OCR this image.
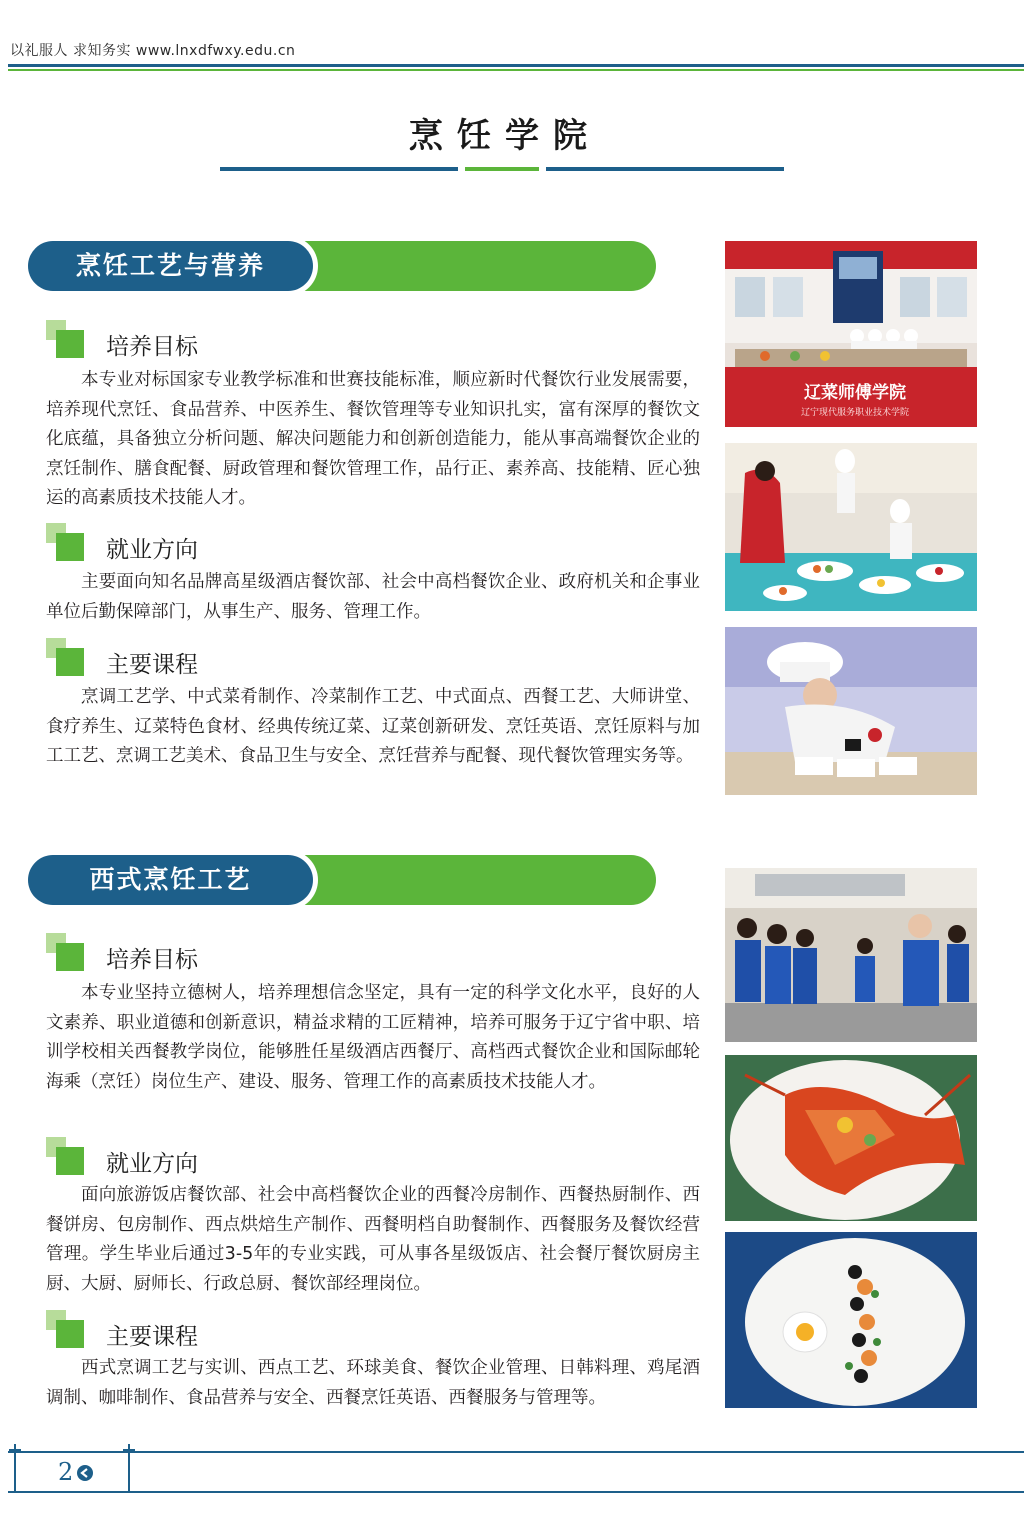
以礼服人 求知务实 www.lnxdfwxy.edu.cn
烹饪学院
烹饪工艺与营养
培养目标
本专业对标国家专业教学标准和世赛技能标准，顺应新时代餐饮行业发展需要，培养现代烹饪、食品营养、中医养生、餐饮管理等专业知识扎实，富有深厚的餐饮文化底蕴，具备独立分析问题、解决问题能力和创新创造能力，能从事高端餐饮企业的烹饪制作、膳食配餐、厨政管理和餐饮管理工作，品行正、素养高、技能精、匠心独运的高素质技术技能人才。
就业方向
主要面向知名品牌高星级酒店餐饮部、社会中高档餐饮企业、政府机关和企事业单位后勤保障部门，从事生产、服务、管理工作。
主要课程
烹调工艺学、中式菜肴制作、冷菜制作工艺、中式面点、西餐工艺、大师讲堂、食疗养生、辽菜特色食材、经典传统辽菜、辽菜创新研发、烹饪英语、烹饪原料与加工工艺、烹调工艺美术、食品卫生与安全、烹饪营养与配餐、现代餐饮管理实务等。
辽菜师傅学院
辽宁现代服务职业技术学院
西式烹饪工艺
培养目标
本专业坚持立德树人，培养理想信念坚定，具有一定的科学文化水平，良好的人文素养、职业道德和创新意识，精益求精的工匠精神，培养可服务于辽宁省中职、培训学校相关西餐教学岗位，能够胜任星级酒店西餐厅、高档西式餐饮企业和国际邮轮海乘（烹饪）岗位生产、建设、服务、管理工作的高素质技术技能人才。
就业方向
面向旅游饭店餐饮部、社会中高档餐饮企业的西餐冷房制作、西餐热厨制作、西餐饼房、包房制作、西点烘焙生产制作、西餐明档自助餐制作、西餐服务及餐饮经营管理。学生毕业后通过3-5年的专业实践，可从事各星级饭店、社会餐厅餐饮厨房主厨、大厨、厨师长、行政总厨、餐饮部经理岗位。
主要课程
西式烹调工艺与实训、西点工艺、环球美食、餐饮企业管理、日韩料理、鸡尾酒调制、咖啡制作、食品营养与安全、西餐烹饪英语、西餐服务与管理等。
2
